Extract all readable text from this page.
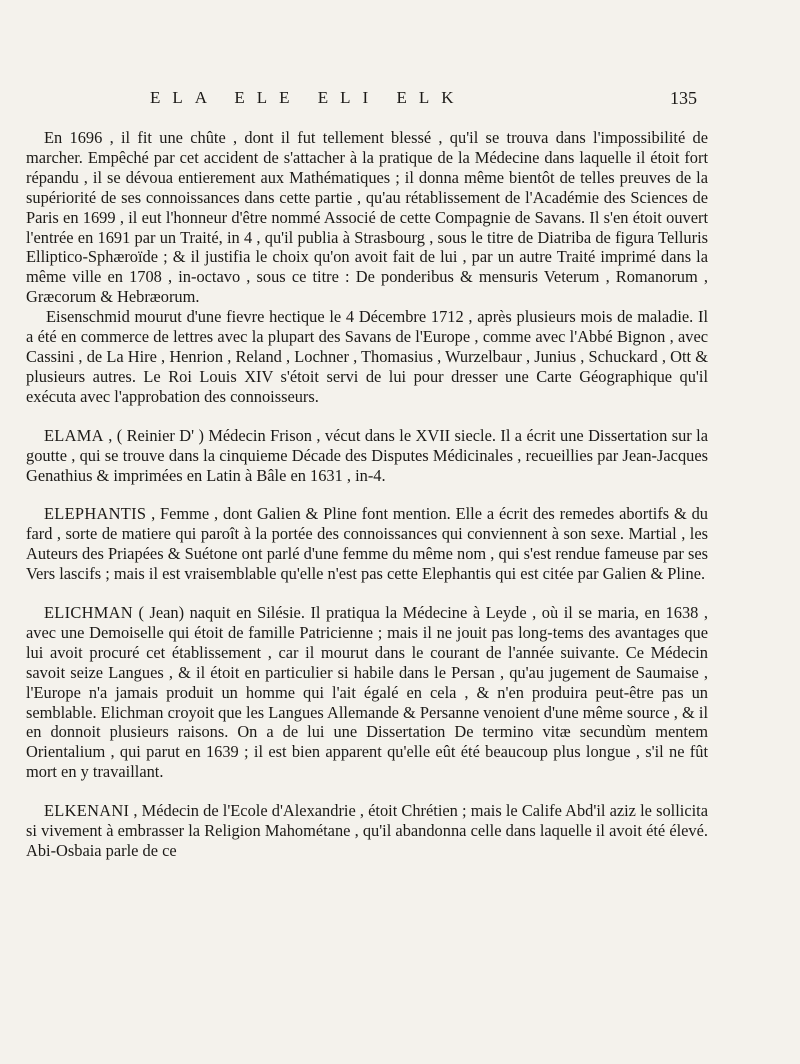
ELA ELE ELI ELK	135

En 1696 , il fit une chûte , dont il fut tellement blessé , qu'il se trouva dans l'impossibilité de marcher. Empêché par cet accident de s'attacher à la pratique de la Médecine dans laquelle il étoit fort répandu , il se dévoua entierement aux Mathématiques ; il donna même bientôt de telles preuves de la supériorité de ses connoissances dans cette partie , qu'au rétablissement de l'Académie des Sciences de Paris en 1699 , il eut l'honneur d'être nommé Associé de cette Compagnie de Savans. Il s'en étoit ouvert l'entrée en 1691 par un Traité, in 4 , qu'il publia à Strasbourg , sous le titre de Diatriba de figura Telluris Elliptico-Sphæroïde ; & il justifia le choix qu'on avoit fait de lui , par un autre Traité imprimé dans la même ville en 1708 , in-octavo , sous ce titre : De ponderibus & mensuris Veterum , Romanorum , Græcorum & Hebræorum.

Eisenschmid mourut d'une fievre hectique le 4 Décembre 1712 , après plusieurs mois de maladie. Il a été en commerce de lettres avec la plupart des Savans de l'Europe , comme avec l'Abbé Bignon , avec Cassini , de La Hire , Henrion , Reland , Lochner , Thomasius , Wurzelbaur , Junius , Schuckard , Ott & plusieurs autres. Le Roi Louis XIV s'étoit servi de lui pour dresser une Carte Géographique qu'il exécuta avec l'approbation des connoisseurs.

ELAMA , ( Reinier D' ) Médecin Frison , vécut dans le XVII siecle. Il a écrit une Dissertation sur la goutte , qui se trouve dans la cinquieme Décade des Disputes Médicinales , recueillies par Jean-Jacques Genathius & imprimées en Latin à Bâle en 1631 , in-4.

ELEPHANTIS , Femme , dont Galien & Pline font mention. Elle a écrit des remedes abortifs & du fard , sorte de matiere qui paroît à la portée des connoissances qui conviennent à son sexe. Martial , les Auteurs des Priapées & Suétone ont parlé d'une femme du même nom , qui s'est rendue fameuse par ses Vers lascifs ; mais il est vraisemblable qu'elle n'est pas cette Elephantis qui est citée par Galien & Pline.

ELICHMAN ( Jean) naquit en Silésie. Il pratiqua la Médecine à Leyde , où il se maria, en 1638 , avec une Demoiselle qui étoit de famille Patricienne ; mais il ne jouit pas long-tems des avantages que lui avoit procuré cet établissement , car il mourut dans le courant de l'année suivante. Ce Médecin savoit seize Langues , & il étoit en particulier si habile dans le Persan , qu'au jugement de Saumaise , l'Europe n'a jamais produit un homme qui l'ait égalé en cela , & n'en produira peut-être pas un semblable. Elichman croyoit que les Langues Allemande & Persanne venoient d'une même source , & il en donnoit plusieurs raisons. On a de lui une Dissertation De termino vitæ secundùm mentem Orientalium , qui parut en 1639 ; il est bien apparent qu'elle eût été beaucoup plus longue , s'il ne fût mort en y travaillant.

ELKENANI , Médecin de l'Ecole d'Alexandrie , étoit Chrétien ; mais le Calife Abd'il aziz le sollicita si vivement à embrasser la Religion Mahométane , qu'il abandonna celle dans laquelle il avoit été élevé. Abi-Osbaia parle de ce
